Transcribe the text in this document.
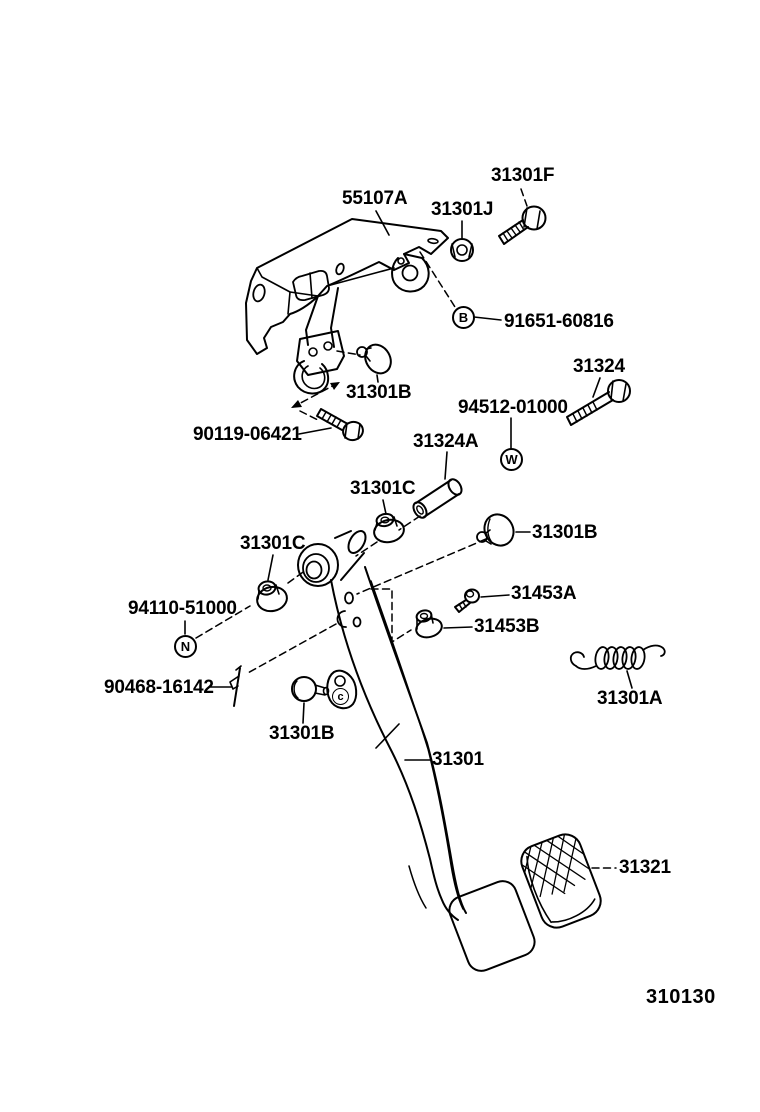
55107A
31301J
31301F
91651-60816
31324
94512-01000
31324A
31301C
31301B
31301B
90119-06421
31301C
94110-51000
90468-16142
31453A
31453B
31301A
31301B
31301
31321
B
W
N
c
310130
